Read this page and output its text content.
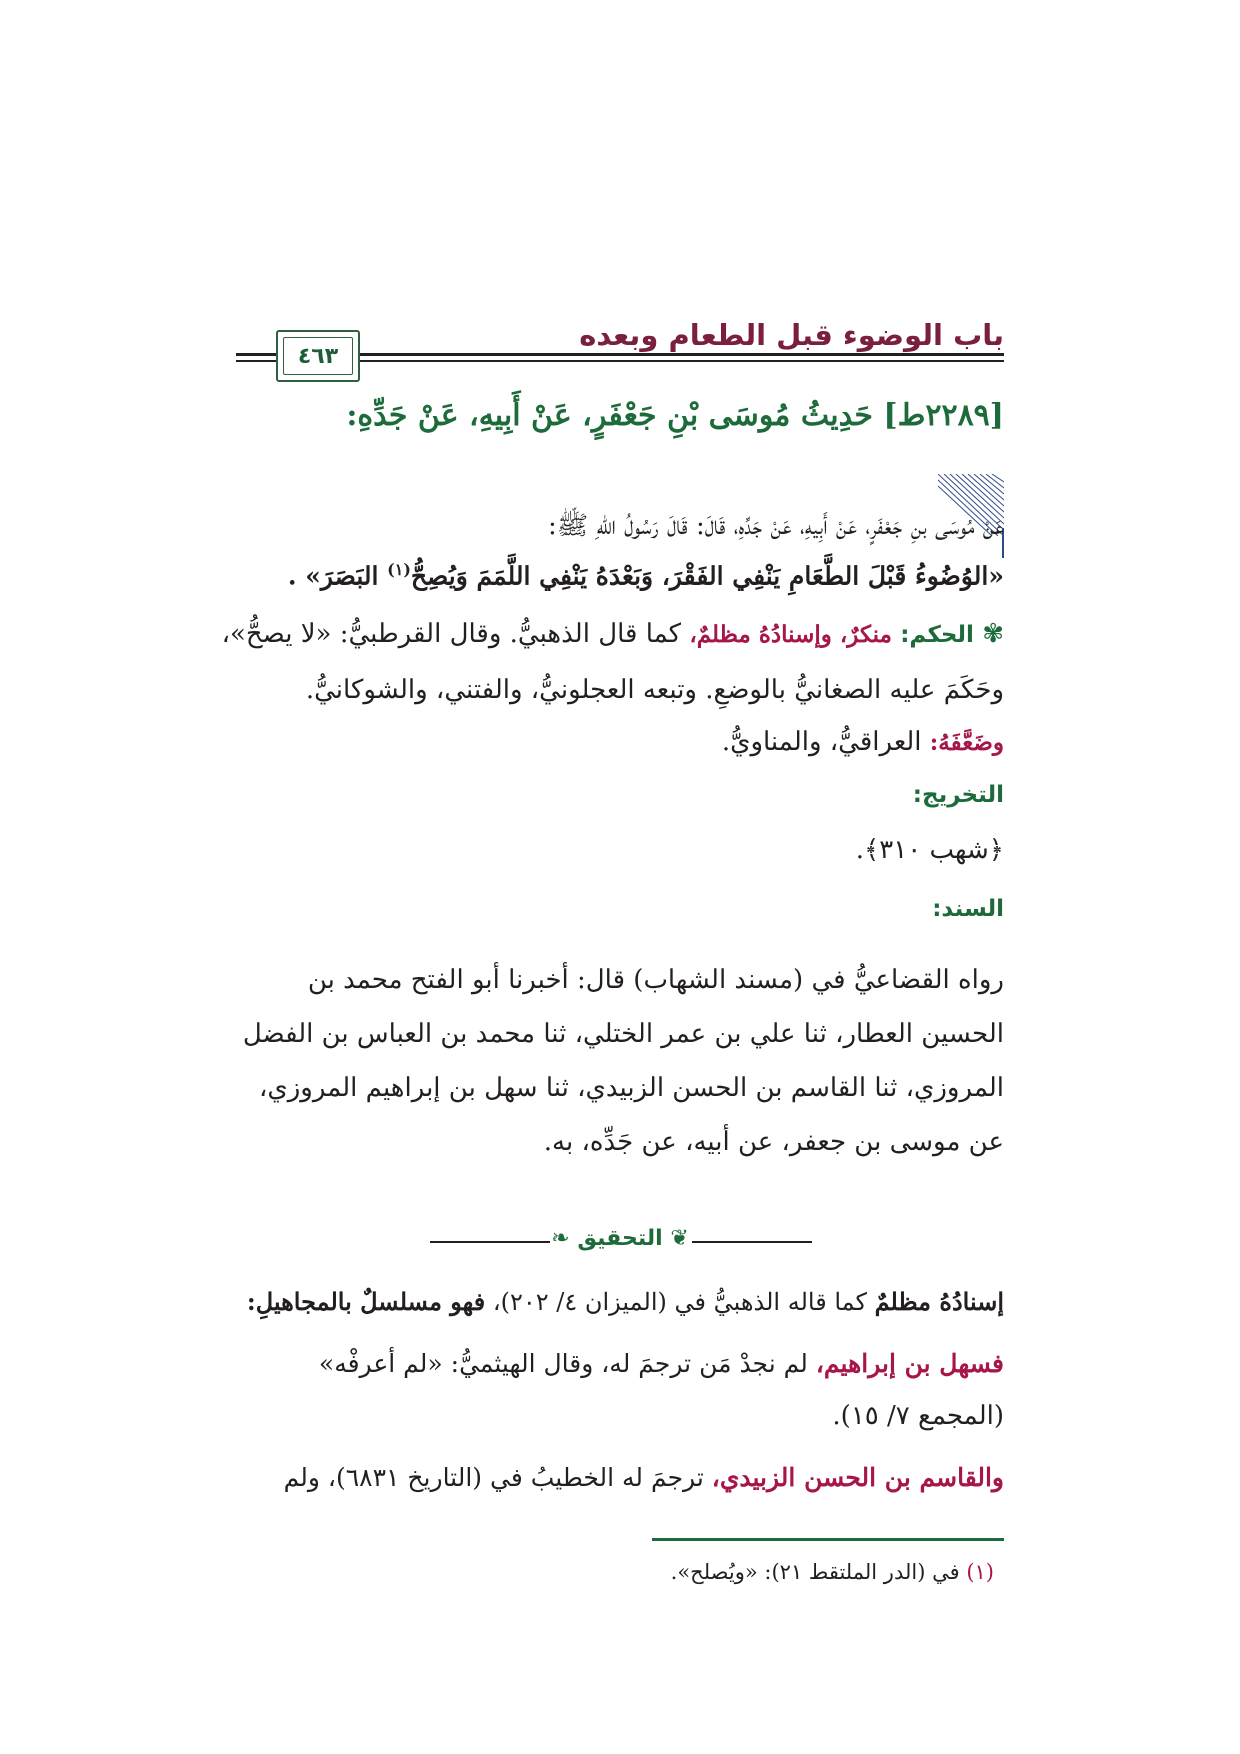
باب الوضوء قبل الطعام وبعده
٤٦٣
[٢٢٨٩ط] حَدِيثُ مُوسَى بْنِ جَعْفَرٍ، عَنْ أَبِيهِ، عَنْ جَدِّهِ:
عَنْ مُوسَى بنِ جَعْفَرٍ، عَنْ أَبِيهِ، عَنْ جَدِّهِ، قَالَ: قَالَ رَسُولُ اللهِ ﷺ:
«الوُضُوءُ قَبْلَ الطَّعَامِ يَنْفِي الفَقْرَ، وَبَعْدَهُ يَنْفِي اللَّمَمَ وَيُصِحُّ$^{(١)}$ البَصَرَ» .
✾ الحكم: منكرٌ، وإسنادُهُ مظلمٌ، كما قال الذهبيُّ. وقال القرطبيُّ: «لا يصحُّ»،
وحَكَمَ عليه الصغانيُّ بالوضعِ. وتبعه العجلونيُّ، والفتني، والشوكانيُّ.
وضَعَّفَهُ: العراقيُّ، والمناويُّ.
التخريج:
﴿شهب ٣١٠﴾.
السند:
رواه القضاعيُّ في (مسند الشهاب) قال: أخبرنا أبو الفتح محمد بن
الحسين العطار، ثنا علي بن عمر الختلي، ثنا محمد بن العباس بن الفضل
المروزي، ثنا القاسم بن الحسن الزبيدي، ثنا سهل بن إبراهيم المروزي،
عن موسى بن جعفر، عن أبيه، عن جَدِّه، به.
❦ التحقيق ❧
إسنادُهُ مظلمٌ كما قاله الذهبيُّ في (الميزان ٤/ ٢٠٢)، فهو مسلسلٌ بالمجاهيلِ:
فسهل بن إبراهيم، لم نجدْ مَن ترجمَ له، وقال الهيثميُّ: «لم أعرفْه»
(المجمع ٧/ ١٥).
والقاسم بن الحسن الزبيدي، ترجمَ له الخطيبُ في (التاريخ ٦٨٣١)، ولم
(١) في (الدر الملتقط ٢١): «ويُصلح».
